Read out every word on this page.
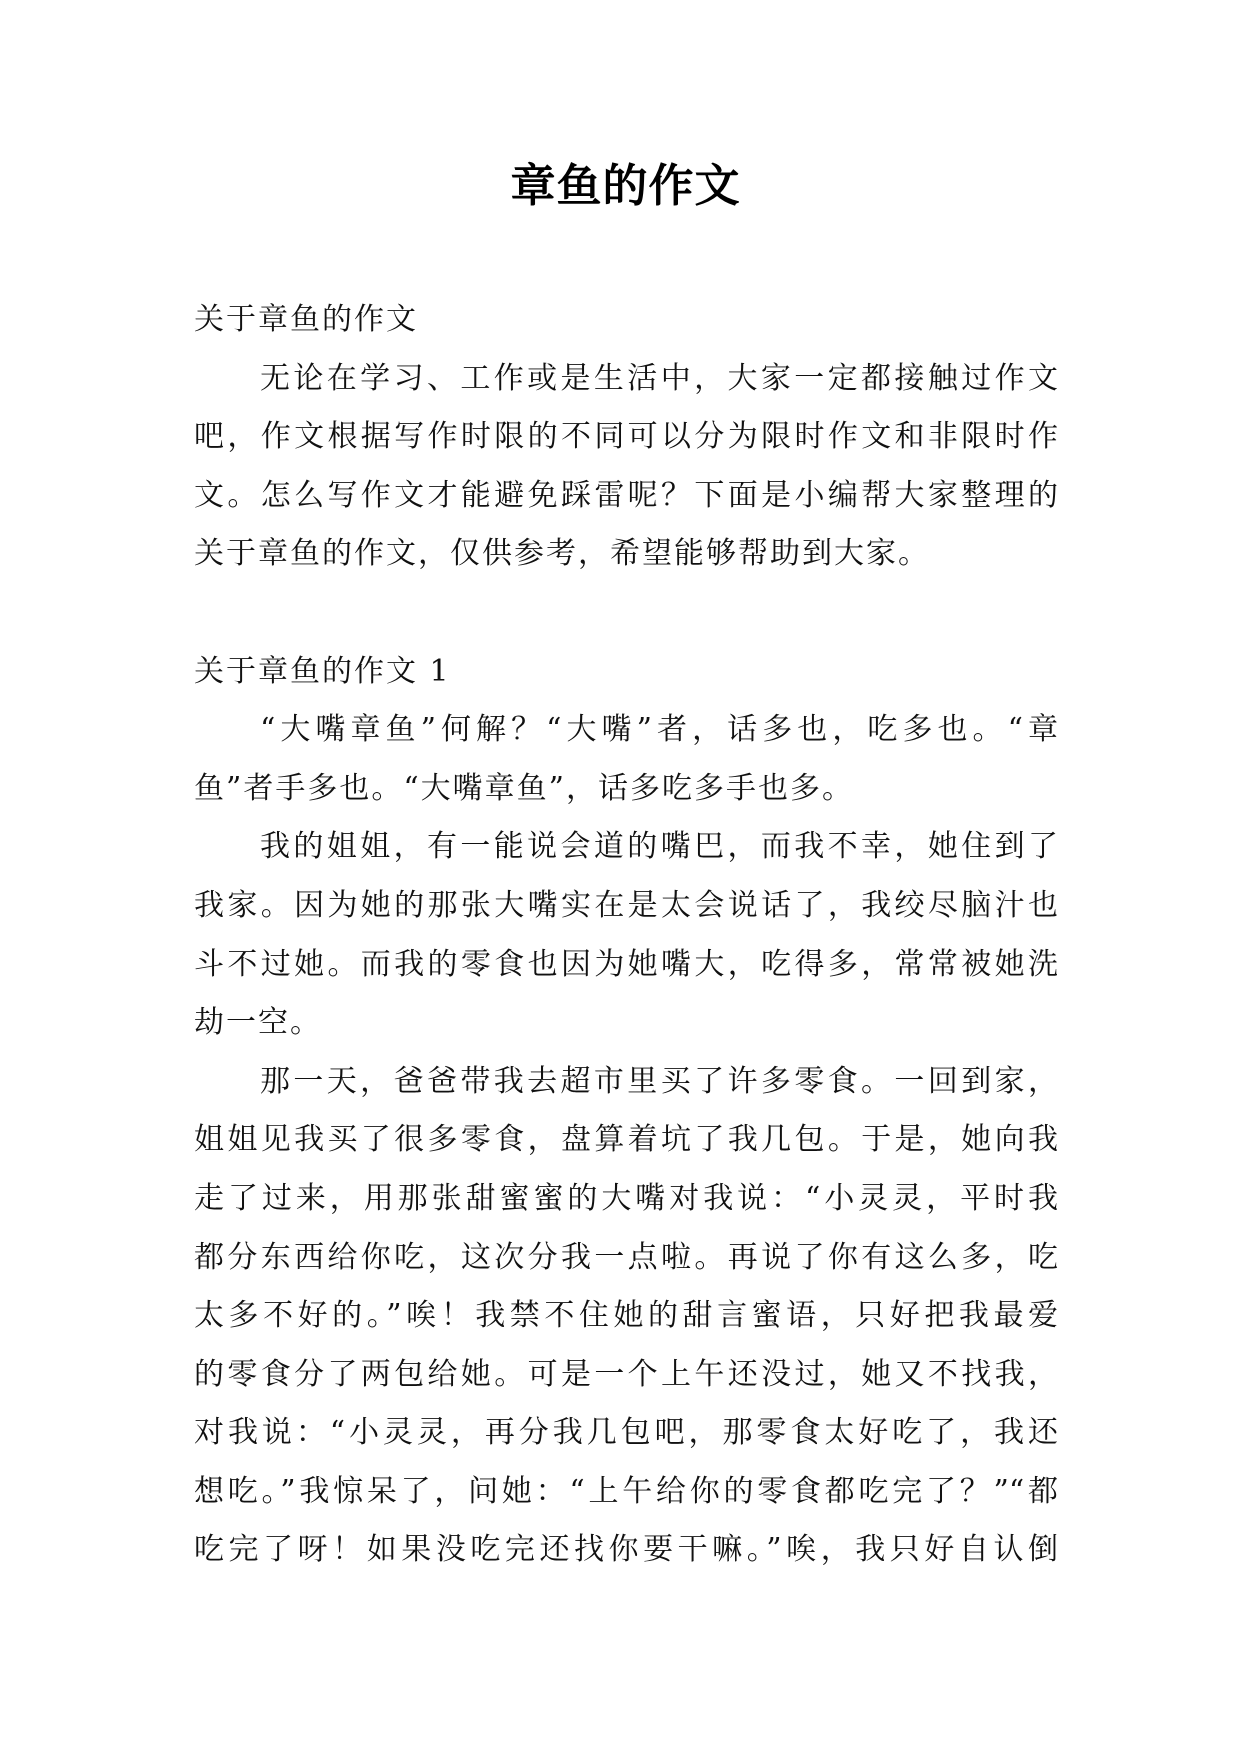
章鱼的作文
关于章鱼的作文
无论在学习、工作或是生活中，大家一定都接触过作文
吧，作文根据写作时限的不同可以分为限时作文和非限时作
文。怎么写作文才能避免踩雷呢？下面是小编帮大家整理的
关于章鱼的作文，仅供参考，希望能够帮助到大家。
关于章鱼的作文 1
“大嘴章鱼”何解？“大嘴”者，话多也，吃多也。“章
鱼”者手多也。“大嘴章鱼”，话多吃多手也多。
我的姐姐，有一能说会道的嘴巴，而我不幸，她住到了
我家。因为她的那张大嘴实在是太会说话了，我绞尽脑汁也
斗不过她。而我的零食也因为她嘴大，吃得多，常常被她洗
劫一空。
那一天，爸爸带我去超市里买了许多零食。一回到家，
姐姐见我买了很多零食，盘算着坑了我几包。于是，她向我
走了过来，用那张甜蜜蜜的大嘴对我说：“小灵灵，平时我
都分东西给你吃，这次分我一点啦。再说了你有这么多，吃
太多不好的。”唉！我禁不住她的甜言蜜语，只好把我最爱
的零食分了两包给她。可是一个上午还没过，她又不找我，
对我说：“小灵灵，再分我几包吧，那零食太好吃了，我还
想吃。”我惊呆了，问她：“上午给你的零食都吃完了？”“都
吃完了呀！如果没吃完还找你要干嘛。”唉，我只好自认倒
